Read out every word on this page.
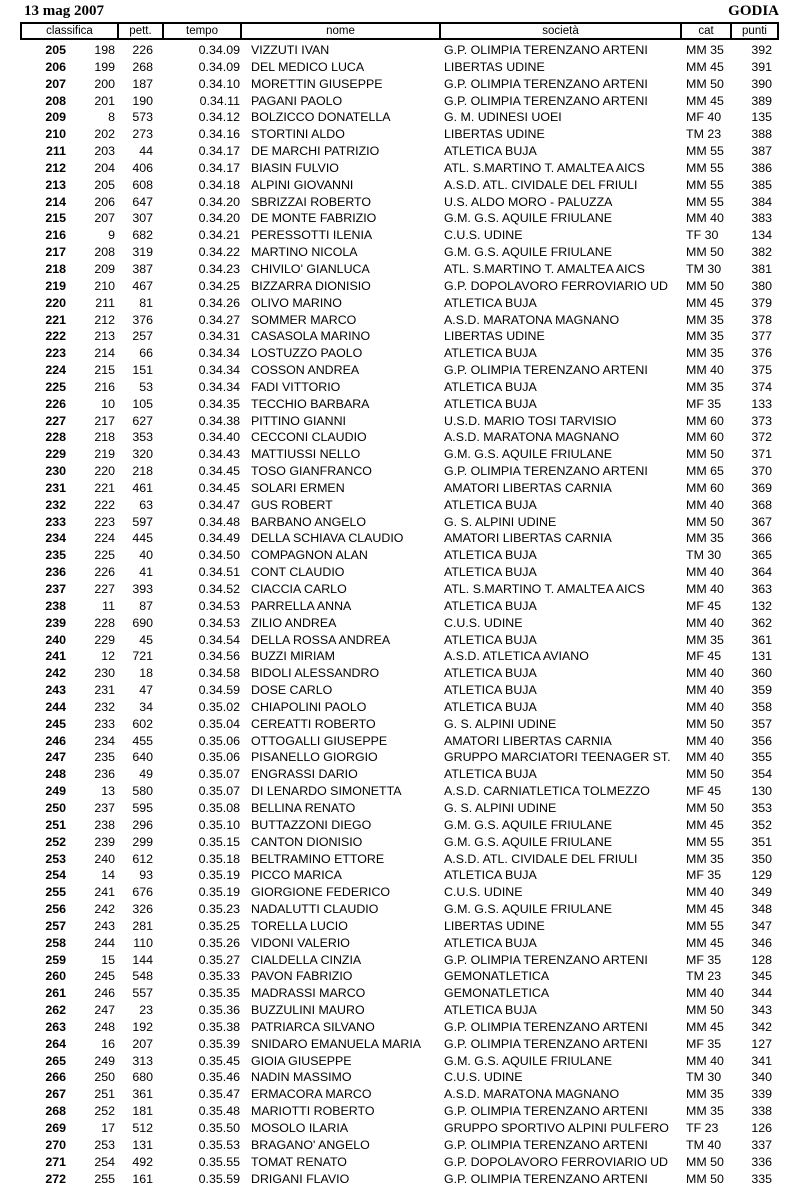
13 mag 2007	GODIA
classifica	pett.	tempo	nome	società	cat	punti
205	198	226	0.34.09 VIZZUTI IVAN	G.P. OLIMPIA TERENZANO ARTENI	MM 35	392
206	199	268	0.34.09 DEL MEDICO LUCA	LIBERTAS UDINE	MM 45	391
207	200	187	0.34.10 MORETTIN GIUSEPPE	G.P. OLIMPIA TERENZANO ARTENI	MM 50	390
208	201	190	0.34.11 PAGANI PAOLO	G.P. OLIMPIA TERENZANO ARTENI	MM 45	389
209	8	573	0.34.12 BOLZICCO DONATELLA	G. M. UDINESI UOEI	MF 40	135
210	202	273	0.34.16 STORTINI ALDO	LIBERTAS UDINE	TM 23	388
211	203	44	0.34.17 DE MARCHI PATRIZIO	ATLETICA BUJA	MM 55	387
212	204	406	0.34.17 BIASIN FULVIO	ATL. S.MARTINO T. AMALTEA AICS	MM 55	386
213	205	608	0.34.18 ALPINI GIOVANNI	A.S.D. ATL. CIVIDALE DEL FRIULI	MM 55	385
214	206	647	0.34.20 SBRIZZAI ROBERTO	U.S. ALDO MORO - PALUZZA	MM 55	384
215	207	307	0.34.20 DE MONTE FABRIZIO	G.M. G.S. AQUILE FRIULANE	MM 40	383
216	9	682	0.34.21 PERESSOTTI ILENIA	C.U.S. UDINE	TF 30	134
217	208	319	0.34.22 MARTINO NICOLA	G.M. G.S. AQUILE FRIULANE	MM 50	382
218	209	387	0.34.23 CHIVILO' GIANLUCA	ATL. S.MARTINO T. AMALTEA AICS	TM 30	381
219	210	467	0.34.25 BIZZARRA DIONISIO	G.P. DOPOLAVORO FERROVIARIO UD	MM 50	380
220	211	81	0.34.26 OLIVO MARINO	ATLETICA BUJA	MM 45	379
221	212	376	0.34.27 SOMMER MARCO	A.S.D. MARATONA MAGNANO	MM 35	378
222	213	257	0.34.31 CASASOLA MARINO	LIBERTAS UDINE	MM 35	377
223	214	66	0.34.34 LOSTUZZO PAOLO	ATLETICA BUJA	MM 35	376
224	215	151	0.34.34 COSSON ANDREA	G.P. OLIMPIA TERENZANO ARTENI	MM 40	375
225	216	53	0.34.34 FADI VITTORIO	ATLETICA BUJA	MM 35	374
226	10	105	0.34.35 TECCHIO BARBARA	ATLETICA BUJA	MF 35	133
227	217	627	0.34.38 PITTINO GIANNI	U.S.D. MARIO TOSI TARVISIO	MM 60	373
228	218	353	0.34.40 CECCONI CLAUDIO	A.S.D. MARATONA MAGNANO	MM 60	372
229	219	320	0.34.43 MATTIUSSI NELLO	G.M. G.S. AQUILE FRIULANE	MM 50	371
230	220	218	0.34.45 TOSO GIANFRANCO	G.P. OLIMPIA TERENZANO ARTENI	MM 65	370
231	221	461	0.34.45 SOLARI ERMEN	AMATORI LIBERTAS CARNIA	MM 60	369
232	222	63	0.34.47 GUS ROBERT	ATLETICA BUJA	MM 40	368
233	223	597	0.34.48 BARBANO ANGELO	G. S. ALPINI UDINE	MM 50	367
234	224	445	0.34.49 DELLA SCHIAVA CLAUDIO	AMATORI LIBERTAS CARNIA	MM 35	366
235	225	40	0.34.50 COMPAGNON ALAN	ATLETICA BUJA	TM 30	365
236	226	41	0.34.51 CONT CLAUDIO	ATLETICA BUJA	MM 40	364
237	227	393	0.34.52 CIACCIA CARLO	ATL. S.MARTINO T. AMALTEA AICS	MM 40	363
238	11	87	0.34.53 PARRELLA ANNA	ATLETICA BUJA	MF 45	132
239	228	690	0.34.53 ZILIO ANDREA	C.U.S. UDINE	MM 40	362
240	229	45	0.34.54 DELLA ROSSA ANDREA	ATLETICA BUJA	MM 35	361
241	12	721	0.34.56 BUZZI MIRIAM	A.S.D. ATLETICA AVIANO	MF 45	131
242	230	18	0.34.58 BIDOLI ALESSANDRO	ATLETICA BUJA	MM 40	360
243	231	47	0.34.59 DOSE CARLO	ATLETICA BUJA	MM 40	359
244	232	34	0.35.02 CHIAPOLINI PAOLO	ATLETICA BUJA	MM 40	358
245	233	602	0.35.04 CEREATTI ROBERTO	G. S. ALPINI UDINE	MM 50	357
246	234	455	0.35.06 OTTOGALLI GIUSEPPE	AMATORI LIBERTAS CARNIA	MM 40	356
247	235	640	0.35.06 PISANELLO GIORGIO	GRUPPO MARCIATORI TEENAGER ST.	MM 40	355
248	236	49	0.35.07 ENGRASSI DARIO	ATLETICA BUJA	MM 50	354
249	13	580	0.35.07 DI LENARDO SIMONETTA	A.S.D. CARNIATLETICA TOLMEZZO	MF 45	130
250	237	595	0.35.08 BELLINA RENATO	G. S. ALPINI UDINE	MM 50	353
251	238	296	0.35.10 BUTTAZZONI DIEGO	G.M. G.S. AQUILE FRIULANE	MM 45	352
252	239	299	0.35.15 CANTON DIONISIO	G.M. G.S. AQUILE FRIULANE	MM 55	351
253	240	612	0.35.18 BELTRAMINO ETTORE	A.S.D. ATL. CIVIDALE DEL FRIULI	MM 35	350
254	14	93	0.35.19 PICCO MARICA	ATLETICA BUJA	MF 35	129
255	241	676	0.35.19 GIORGIONE FEDERICO	C.U.S. UDINE	MM 40	349
256	242	326	0.35.23 NADALUTTI CLAUDIO	G.M. G.S. AQUILE FRIULANE	MM 45	348
257	243	281	0.35.25 TORELLA LUCIO	LIBERTAS UDINE	MM 55	347
258	244	110	0.35.26 VIDONI VALERIO	ATLETICA BUJA	MM 45	346
259	15	144	0.35.27 CIALDELLA CINZIA	G.P. OLIMPIA TERENZANO ARTENI	MF 35	128
260	245	548	0.35.33 PAVON FABRIZIO	GEMONATLETICA	TM 23	345
261	246	557	0.35.35 MADRASSI MARCO	GEMONATLETICA	MM 40	344
262	247	23	0.35.36 BUZZULINI MAURO	ATLETICA BUJA	MM 50	343
263	248	192	0.35.38 PATRIARCA SILVANO	G.P. OLIMPIA TERENZANO ARTENI	MM 45	342
264	16	207	0.35.39 SNIDARO EMANUELA MARIA	G.P. OLIMPIA TERENZANO ARTENI	MF 35	127
265	249	313	0.35.45 GIOIA GIUSEPPE	G.M. G.S. AQUILE FRIULANE	MM 40	341
266	250	680	0.35.46 NADIN MASSIMO	C.U.S. UDINE	TM 30	340
267	251	361	0.35.47 ERMACORA MARCO	A.S.D. MARATONA MAGNANO	MM 35	339
268	252	181	0.35.48 MARIOTTI ROBERTO	G.P. OLIMPIA TERENZANO ARTENI	MM 35	338
269	17	512	0.35.50 MOSOLO ILARIA	GRUPPO SPORTIVO ALPINI PULFERO	TF 23	126
270	253	131	0.35.53 BRAGANO' ANGELO	G.P. OLIMPIA TERENZANO ARTENI	TM 40	337
271	254	492	0.35.55 TOMAT RENATO	G.P. DOPOLAVORO FERROVIARIO UD	MM 50	336
272	255	161	0.35.59 DRIGANI FLAVIO	G.P. OLIMPIA TERENZANO ARTENI	MM 50	335
